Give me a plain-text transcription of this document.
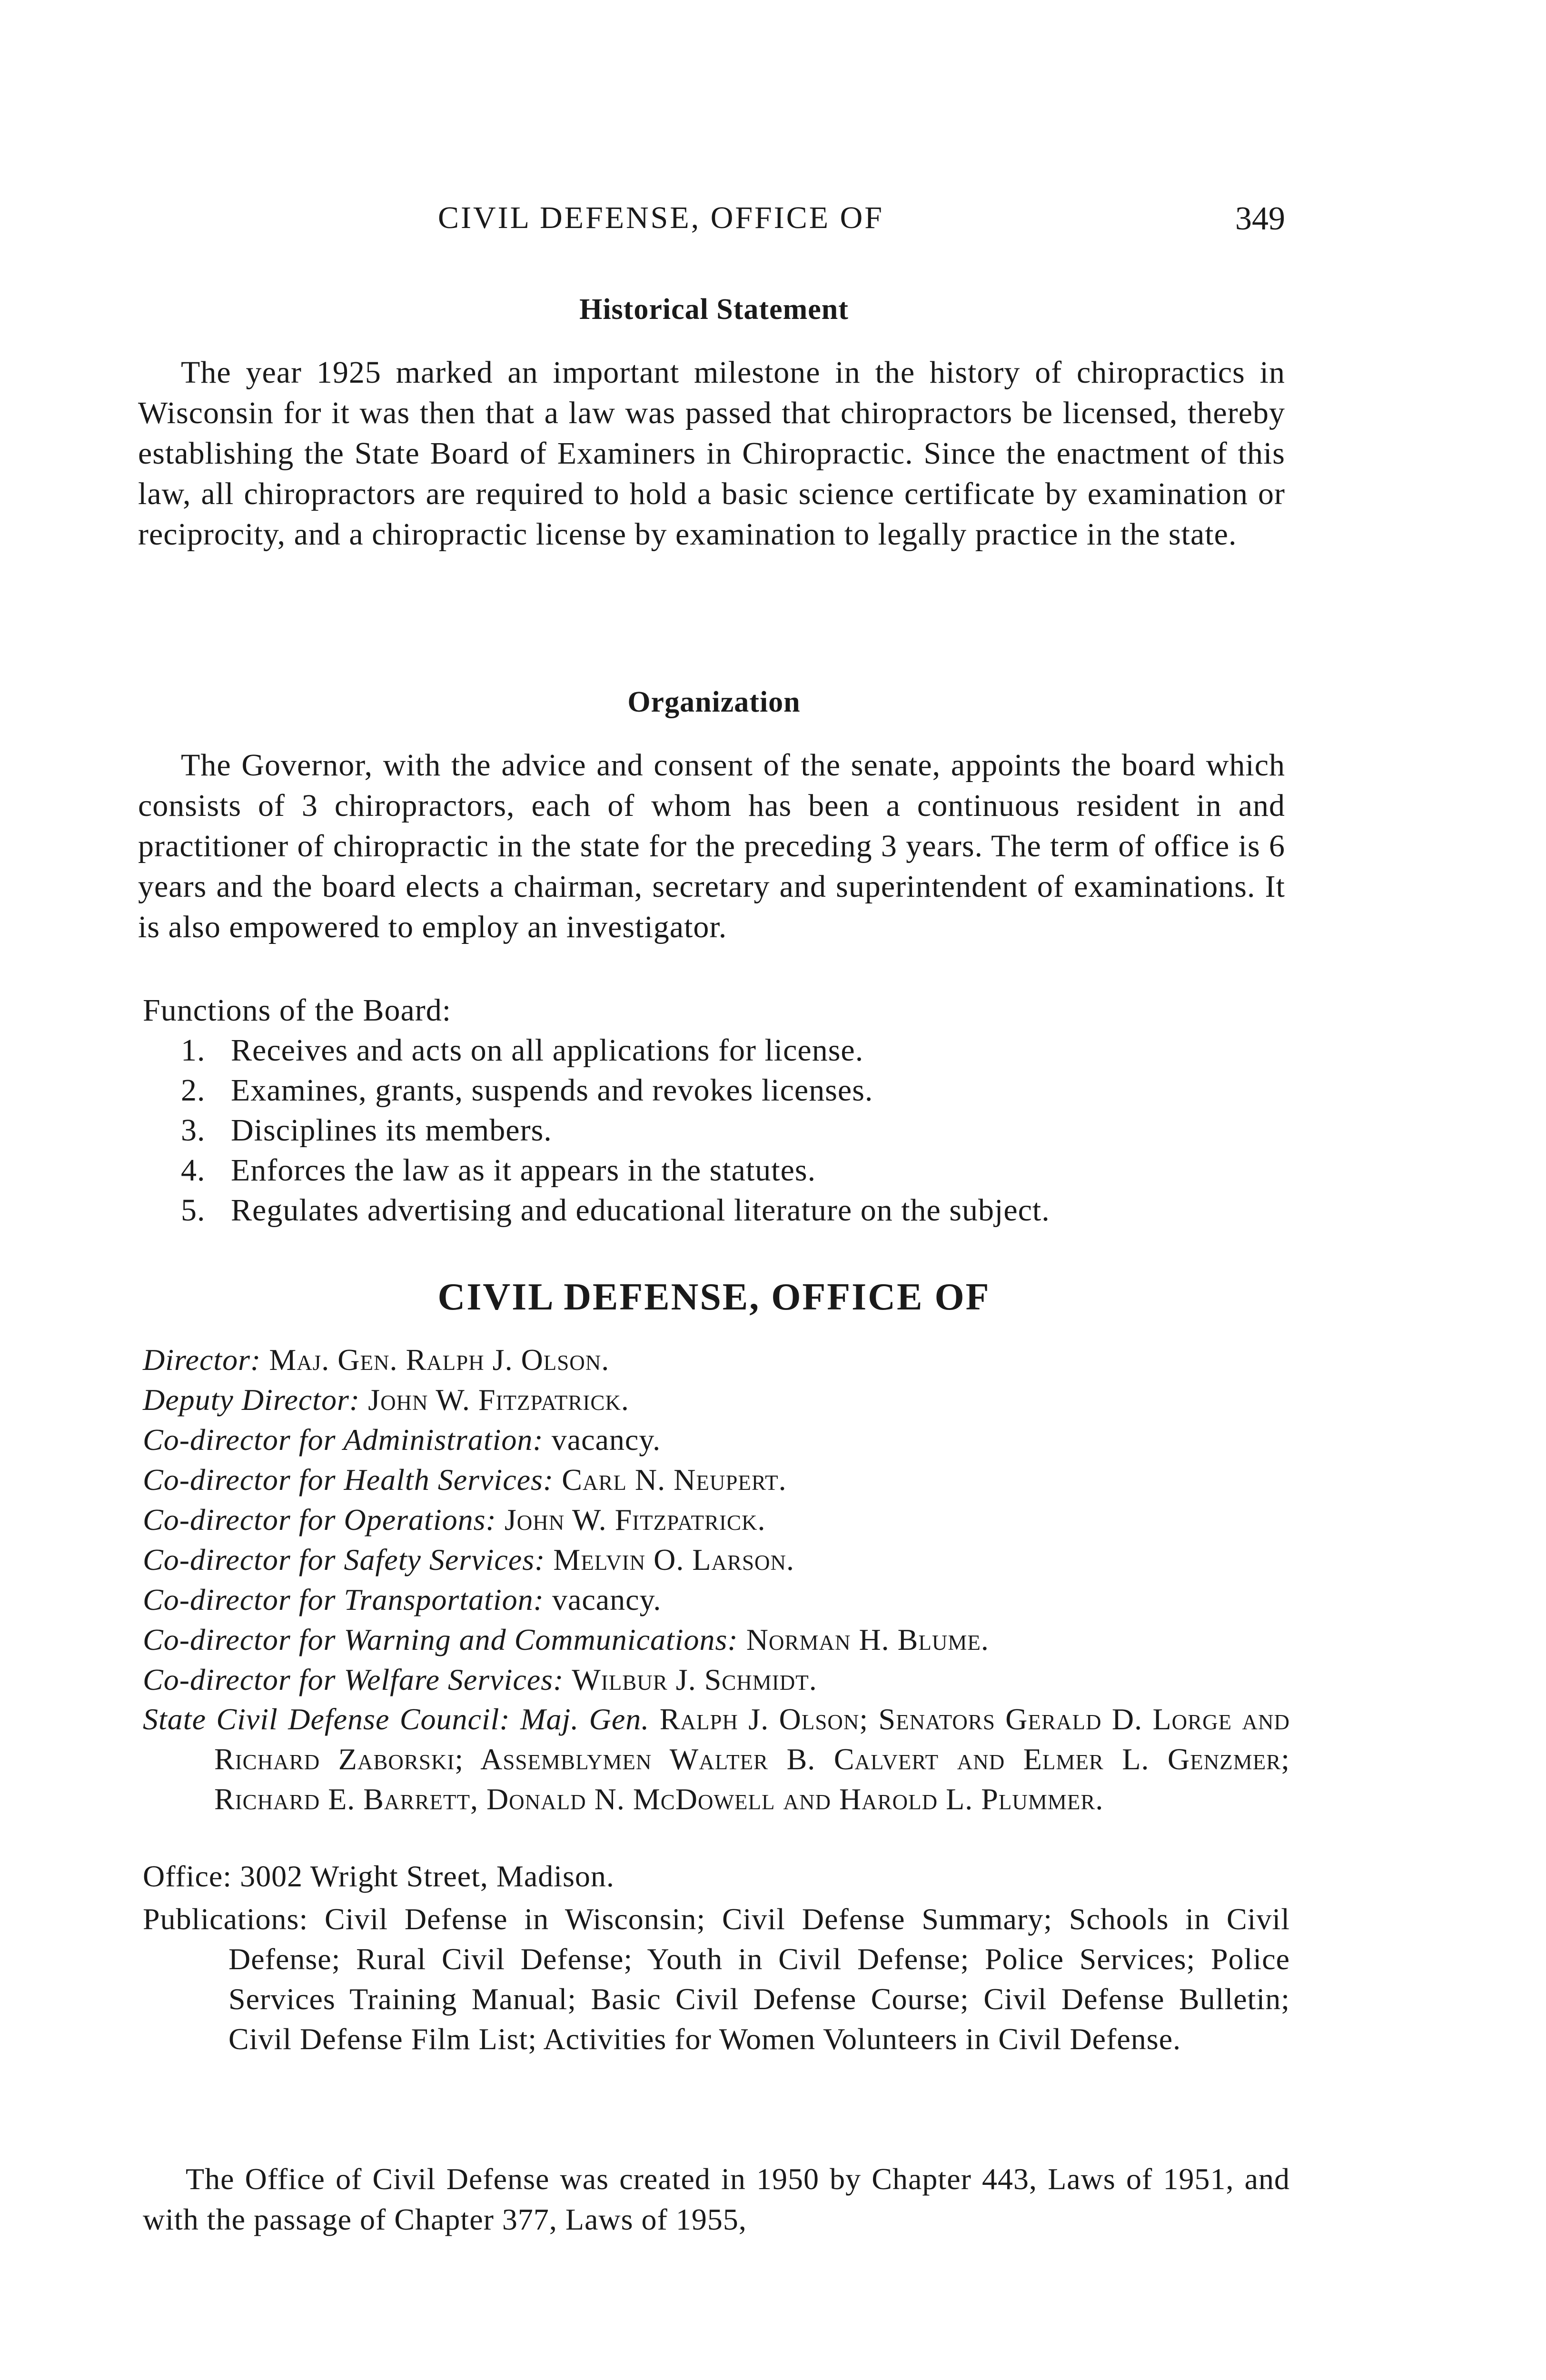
CIVIL DEFENSE, OFFICE OF	349
Historical Statement

The year 1925 marked an important milestone in the history of chiropractics in Wisconsin for it was then that a law was passed that chiropractors be licensed, thereby establishing the State Board of Examiners in Chiropractic. Since the enactment of this law, all chiropractors are required to hold a basic science certificate by examination or reciprocity, and a chiropractic license by examination to legally practice in the state.

Organization

The Governor, with the advice and consent of the senate, appoints the board which consists of 3 chiropractors, each of whom has been a continuous resident in and practitioner of chiropractic in the state for the preceding 3 years. The term of office is 6 years and the board elects a chairman, secretary and superintendent of examinations. It is also empowered to employ an investigator.

Functions of the Board:
1. Receives and acts on all applications for license.
2. Examines, grants, suspends and revokes licenses.
3. Disciplines its members.
4. Enforces the law as it appears in the statutes.
5. Regulates advertising and educational literature on the subject.
CIVIL DEFENSE, OFFICE OF
Director: Maj. Gen. Ralph J. Olson.
Deputy Director: John W. Fitzpatrick.
Co-director for Administration: vacancy.
Co-director for Health Services: Carl N. Neupert.
Co-director for Operations: John W. Fitzpatrick.
Co-director for Safety Services: Melvin O. Larson.
Co-director for Transportation: vacancy.
Co-director for Warning and Communications: Norman H. Blume.
Co-director for Welfare Services: Wilbur J. Schmidt.
State Civil Defense Council: Maj. Gen. Ralph J. Olson; Senators Gerald D. Lorge and Richard Zaborski; Assemblymen Walter B. Calvert and Elmer L. Genzmer; Richard E. Barrett, Donald N. McDowell and Harold L. Plummer.
Office: 3002 Wright Street, Madison.
Publications: Civil Defense in Wisconsin; Civil Defense Summary; Schools in Civil Defense; Rural Civil Defense; Youth in Civil Defense; Police Services; Police Services Training Manual; Basic Civil Defense Course; Civil Defense Bulletin; Civil Defense Film List; Activities for Women Volunteers in Civil Defense.

The Office of Civil Defense was created in 1950 by Chapter 443, Laws of 1951, and with the passage of Chapter 377, Laws of 1955,
